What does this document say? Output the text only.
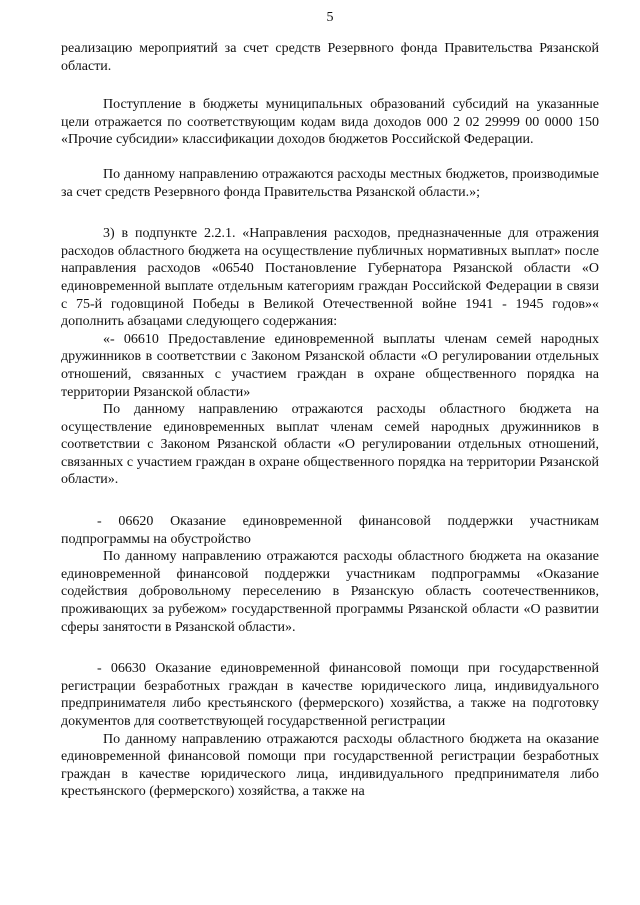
5

реализацию мероприятий за счет средств Резервного фонда Правительства Рязанской области.

Поступление в бюджеты муниципальных образований субсидий на указанные цели отражается по соответствующим кодам вида доходов 000 2 02 29999 00 0000 150 «Прочие субсидии» классификации доходов бюджетов Российской Федерации.

По данному направлению отражаются расходы местных бюджетов, производимые за счет средств Резервного фонда Правительства Рязанской области.»;

3) в подпункте 2.2.1. «Направления расходов, предназначенные для отражения расходов областного бюджета на осуществление публичных нормативных выплат» после направления расходов «06540 Постановление Губернатора Рязанской области «О единовременной выплате отдельным категориям граждан Российской Федерации в связи с 75-й годовщиной Победы в Великой Отечественной войне 1941 - 1945 годов»« дополнить абзацами следующего содержания:

«- 06610 Предоставление единовременной выплаты членам семей народных дружинников в соответствии с Законом Рязанской области «О регулировании отдельных отношений, связанных с участием граждан в охране общественного порядка на территории Рязанской области»

По данному направлению отражаются расходы областного бюджета на осуществление единовременных выплат членам семей народных дружинников в соответствии с Законом Рязанской области «О регулировании отдельных отношений, связанных с участием граждан в охране общественного порядка на территории Рязанской области».

- 06620 Оказание единовременной финансовой поддержки участникам подпрограммы на обустройство

По данному направлению отражаются расходы областного бюджета на оказание единовременной финансовой поддержки участникам подпрограммы «Оказание содействия добровольному переселению в Рязанскую область соотечественников, проживающих за рубежом» государственной программы Рязанской области «О развитии сферы занятости в Рязанской области».

- 06630 Оказание единовременной финансовой помощи при государственной регистрации безработных граждан в качестве юридического лица, индивидуального предпринимателя либо крестьянского (фермерского) хозяйства, а также на подготовку документов для соответствующей государственной регистрации

По данному направлению отражаются расходы областного бюджета на оказание единовременной финансовой помощи при государственной регистрации безработных граждан в качестве юридического лица, индивидуального предпринимателя либо крестьянского (фермерского) хозяйства, а также на
